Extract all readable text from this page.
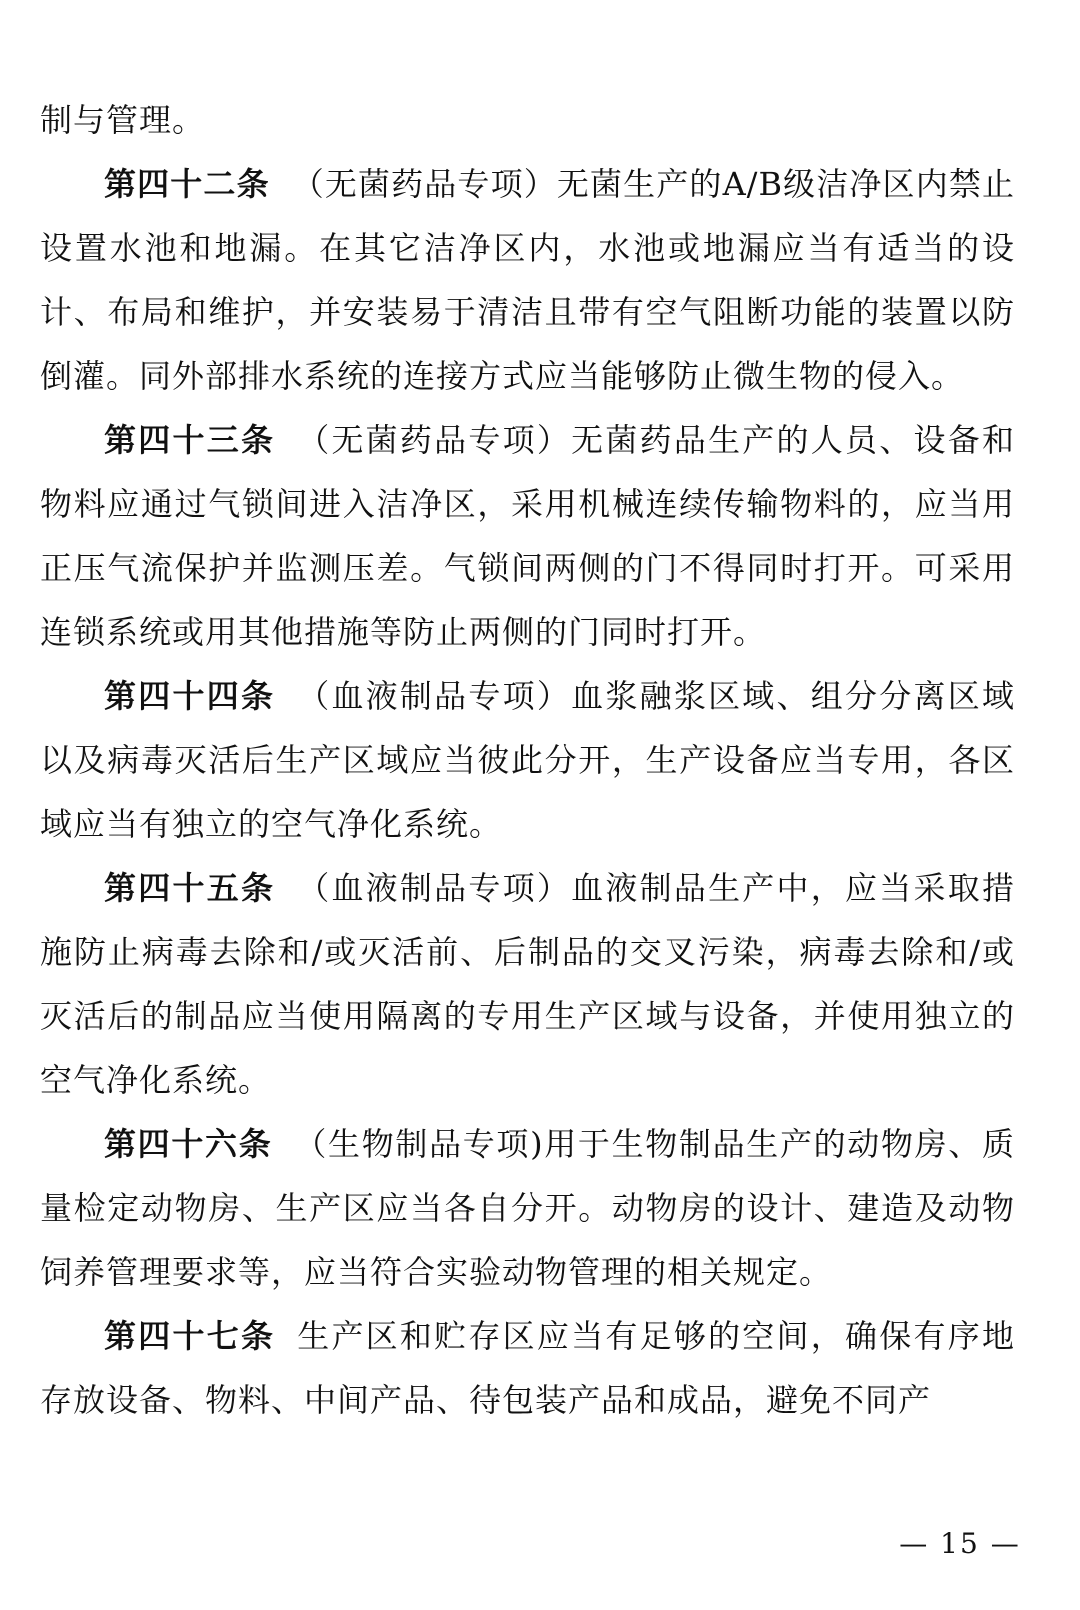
制与管理。

第四十二条 （无菌药品专项）无菌生产的A/B级洁净区内禁止设置水池和地漏。在其它洁净区内，水池或地漏应当有适当的设计、布局和维护，并安装易于清洁且带有空气阻断功能的装置以防倒灌。同外部排水系统的连接方式应当能够防止微生物的侵入。

第四十三条 （无菌药品专项）无菌药品生产的人员、设备和物料应通过气锁间进入洁净区，采用机械连续传输物料的，应当用正压气流保护并监测压差。气锁间两侧的门不得同时打开。可采用连锁系统或用其他措施等防止两侧的门同时打开。

第四十四条 （血液制品专项）血浆融浆区域、组分分离区域以及病毒灭活后生产区域应当彼此分开，生产设备应当专用，各区域应当有独立的空气净化系统。

第四十五条 （血液制品专项）血液制品生产中，应当采取措施防止病毒去除和/或灭活前、后制品的交叉污染，病毒去除和/或灭活后的制品应当使用隔离的专用生产区域与设备，并使用独立的空气净化系统。

第四十六条 （生物制品专项)用于生物制品生产的动物房、质量检定动物房、生产区应当各自分开。动物房的设计、建造及动物饲养管理要求等，应当符合实验动物管理的相关规定。

第四十七条 生产区和贮存区应当有足够的空间，确保有序地存放设备、物料、中间产品、待包装产品和成品，避免不同产

— 15 —
